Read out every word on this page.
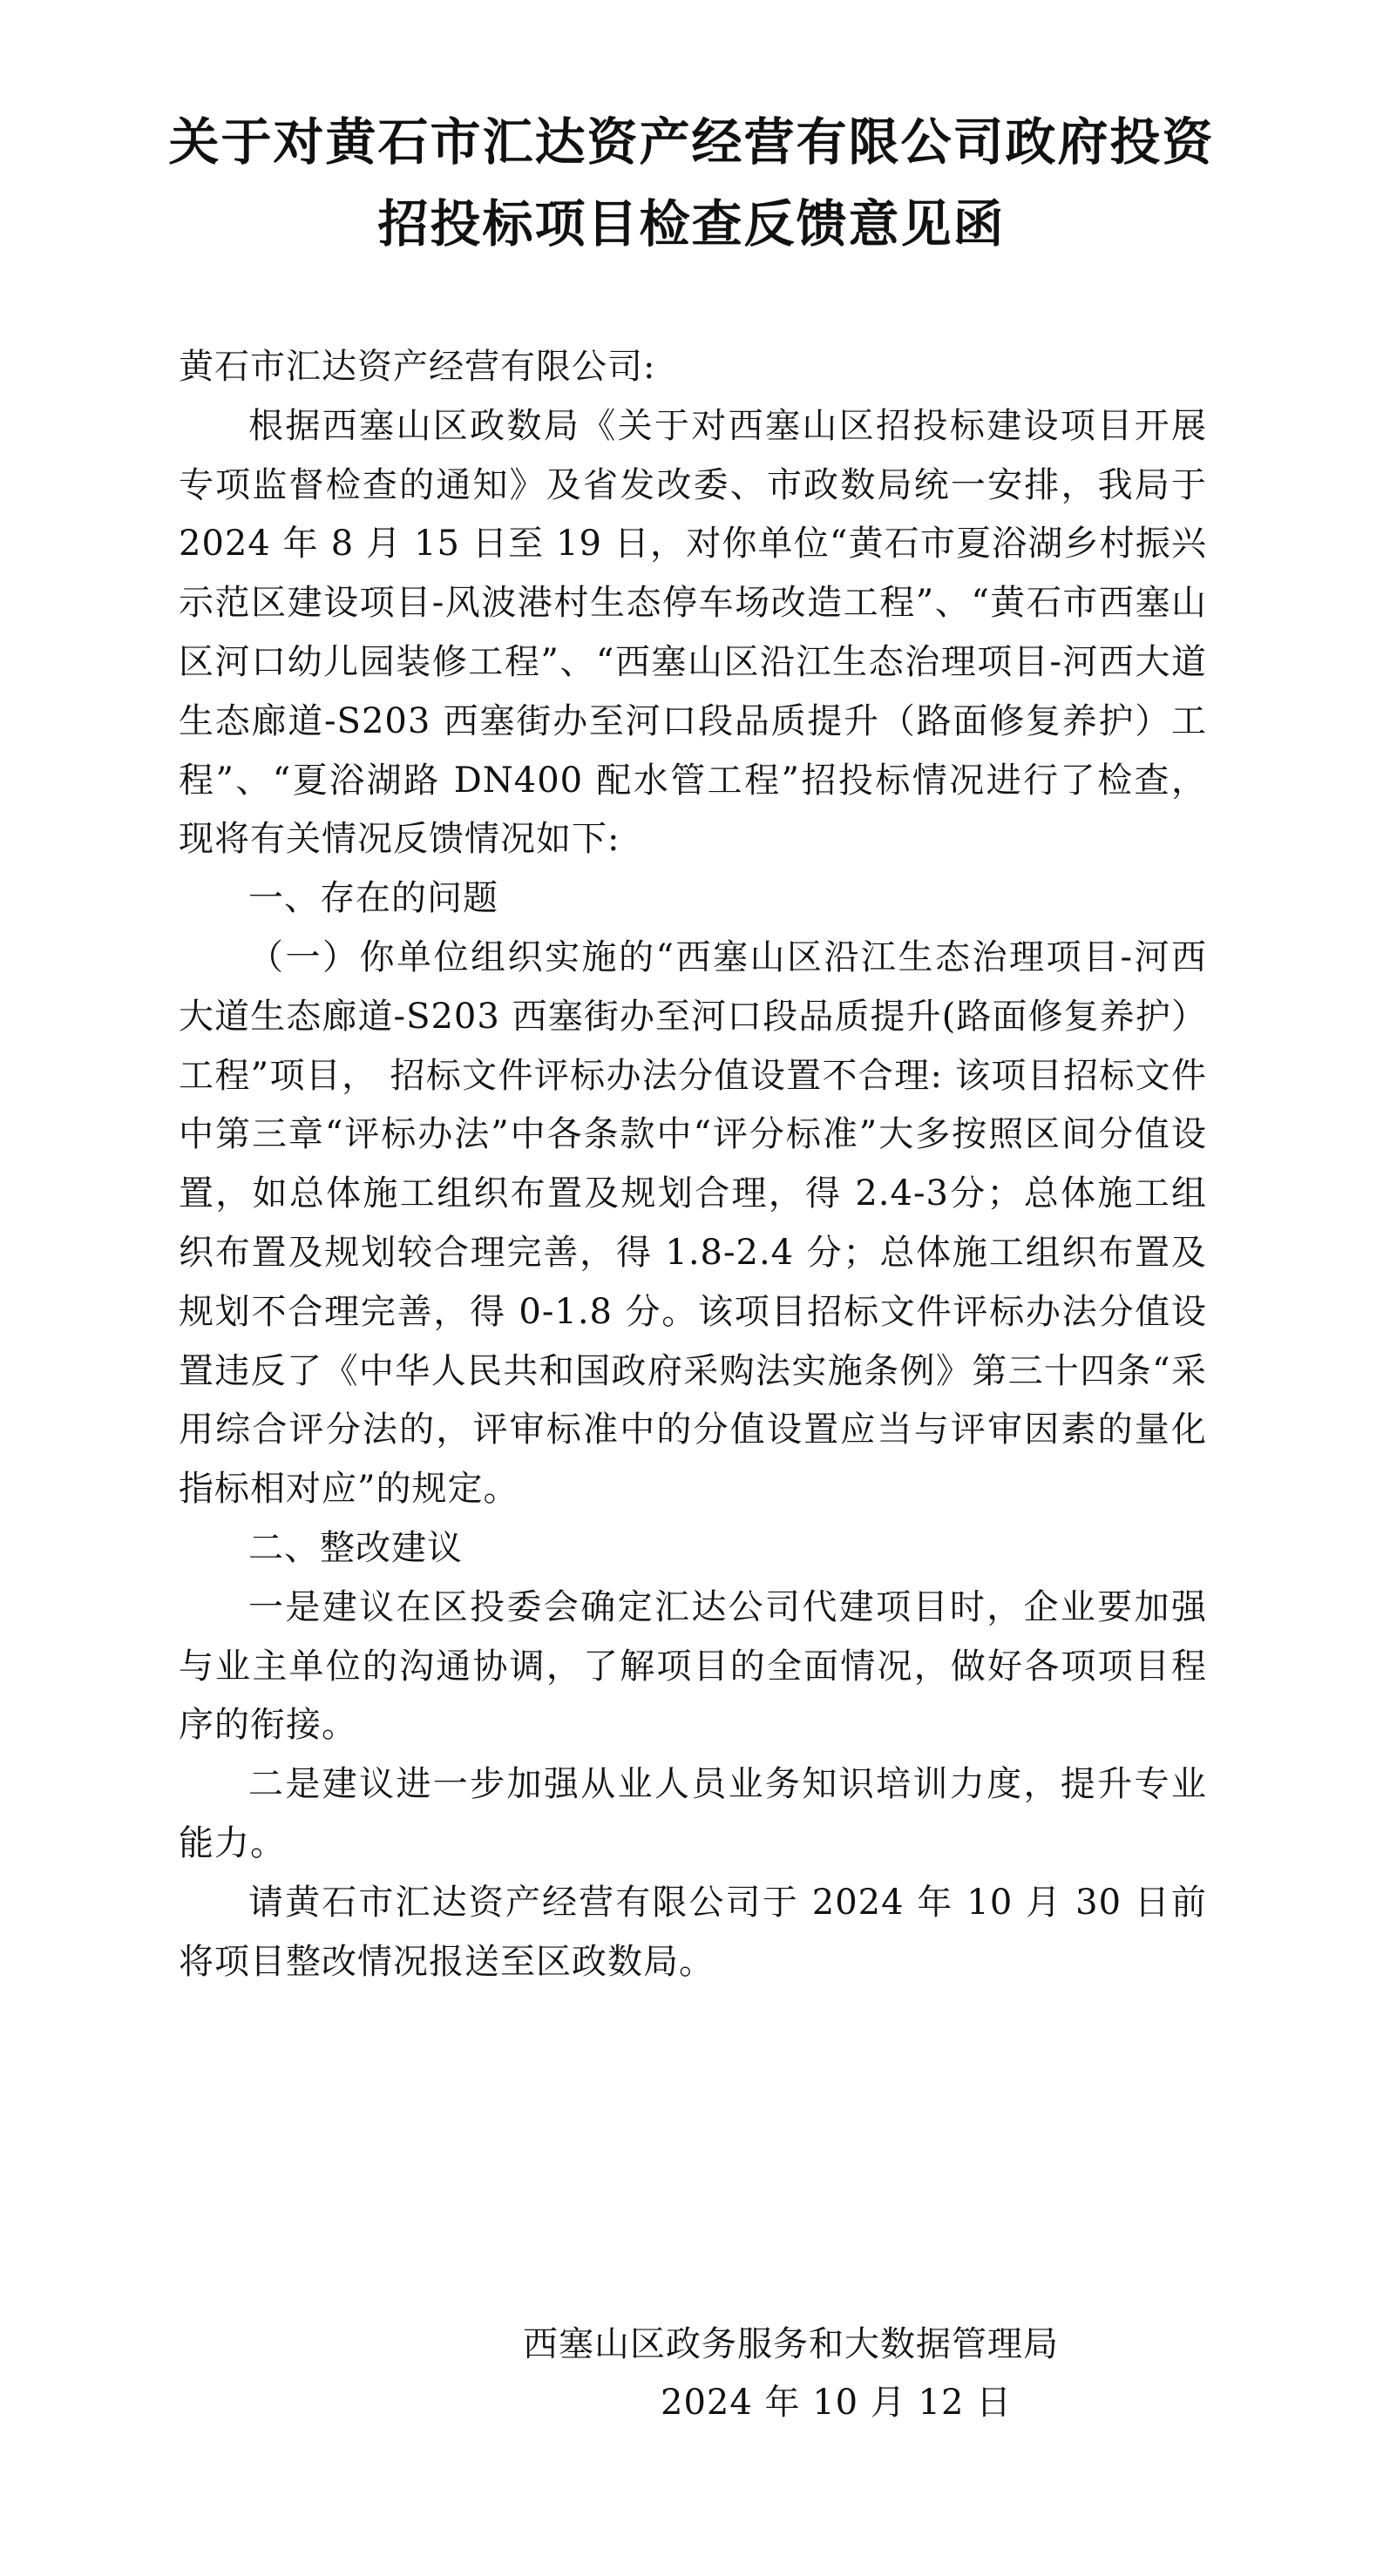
关于对黄石市汇达资产经营有限公司政府投资
招投标项目检查反馈意见函

黄石市汇达资产经营有限公司:

根据西塞山区政数局《关于对西塞山区招投标建设项目开展专项监督检查的通知》及省发改委、市政数局统一安排，我局于 2024 年 8 月 15 日至 19 日，对你单位“黄石市夏浴湖乡村振兴示范区建设项目-风波港村生态停车场改造工程”、“黄石市西塞山区河口幼儿园装修工程”、“西塞山区沿江生态治理项目-河西大道生态廊道-S203 西塞街办至河口段品质提升（路面修复养护）工程”、“夏浴湖路 DN400 配水管工程”招投标情况进行了检查，现将有关情况反馈情况如下:

一、存在的问题

（一）你单位组织实施的“西塞山区沿江生态治理项目-河西大道生态廊道-S203 西塞街办至河口段品质提升(路面修复养护）工程”项目， 招标文件评标办法分值设置不合理: 该项目招标文件中第三章“评标办法”中各条款中“评分标准”大多按照区间分值设置，如总体施工组织布置及规划合理，得 2.4-3分；总体施工组织布置及规划较合理完善，得 1.8-2.4 分；总体施工组织布置及规划不合理完善，得 0-1.8 分。该项目招标文件评标办法分值设置违反了《中华人民共和国政府采购法实施条例》第三十四条“采用综合评分法的，评审标准中的分值设置应当与评审因素的量化指标相对应”的规定。

二、整改建议

一是建议在区投委会确定汇达公司代建项目时，企业要加强与业主单位的沟通协调，了解项目的全面情况，做好各项项目程序的衔接。

二是建议进一步加强从业人员业务知识培训力度，提升专业能力。

请黄石市汇达资产经营有限公司于 2024 年 10 月 30 日前将项目整改情况报送至区政数局。

西塞山区政务服务和大数据管理局
2024 年 10 月 12 日
